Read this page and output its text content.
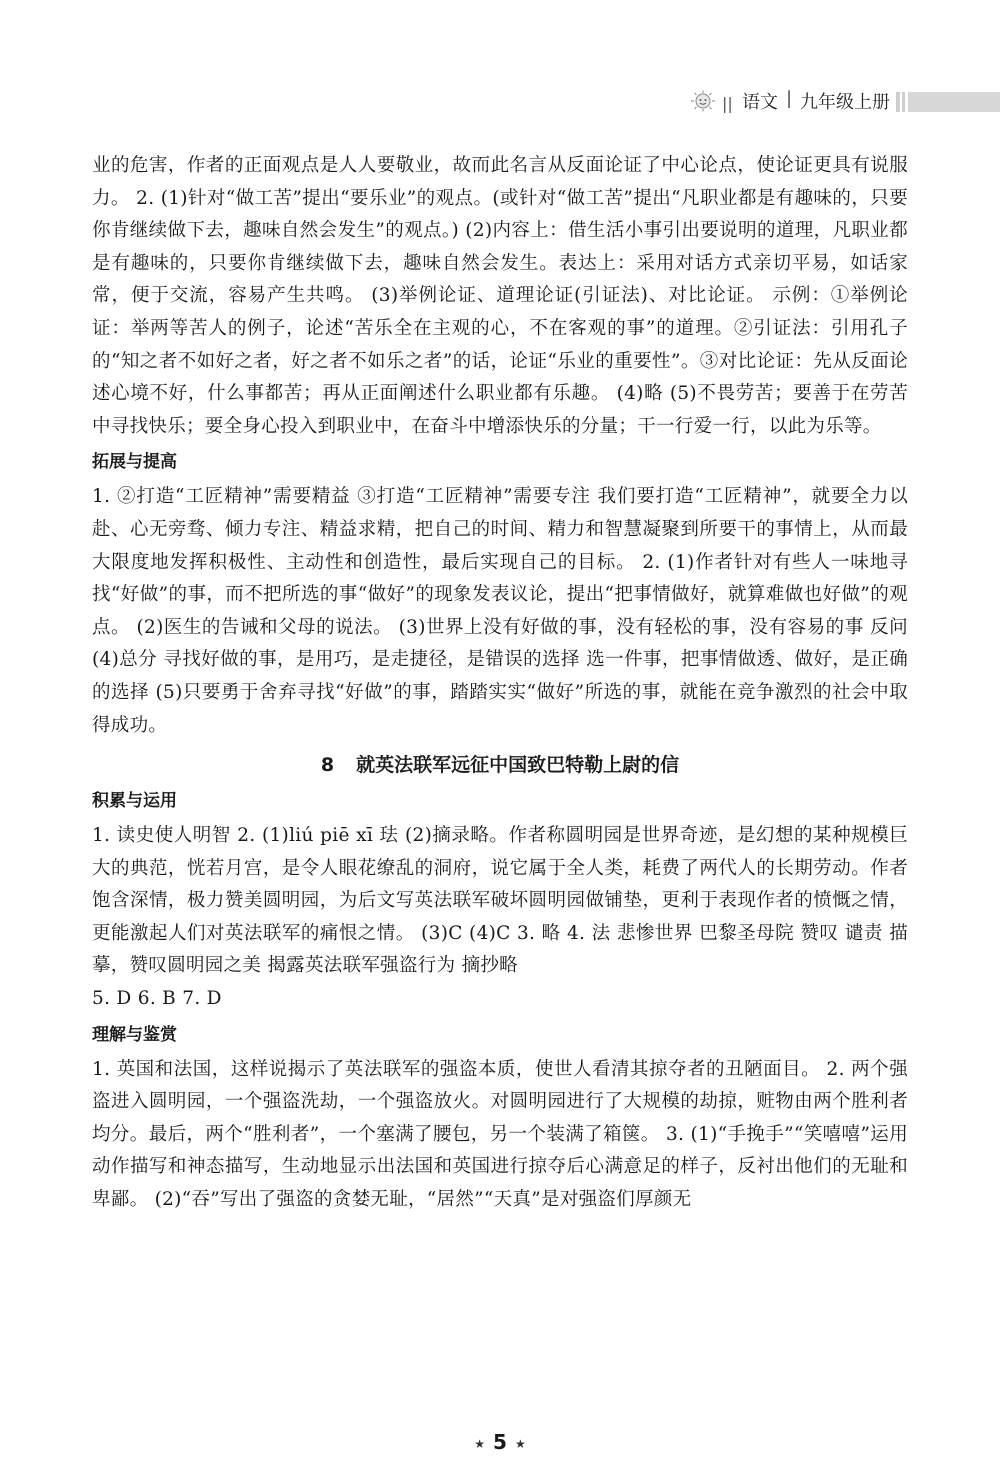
|| 语文 | 九年级上册

业的危害，作者的正面观点是人人要敬业，故而此名言从反面论证了中心论点，使论证更具有说服力。 2. (1)针对“做工苦”提出“要乐业”的观点。(或针对“做工苦”提出“凡职业都是有趣味的，只要你肯继续做下去，趣味自然会发生”的观点。) (2)内容上：借生活小事引出要说明的道理，凡职业都是有趣味的，只要你肯继续做下去，趣味自然会发生。表达上：采用对话方式亲切平易，如话家常，便于交流，容易产生共鸣。 (3)举例论证、道理论证(引证法)、对比论证。 示例：①举例论证：举两等苦人的例子，论述“苦乐全在主观的心，不在客观的事”的道理。②引证法：引用孔子的“知之者不如好之者，好之者不如乐之者”的话，论证“乐业的重要性”。③对比论证：先从反面论述心境不好，什么事都苦；再从正面阐述什么职业都有乐趣。 (4)略 (5)不畏劳苦；要善于在劳苦中寻找快乐；要全身心投入到职业中，在奋斗中增添快乐的分量；干一行爱一行，以此为乐等。

拓展与提高

1. ②打造“工匠精神”需要精益 ③打造“工匠精神”需要专注 我们要打造“工匠精神”，就要全力以赴、心无旁骛、倾力专注、精益求精，把自己的时间、精力和智慧凝聚到所要干的事情上，从而最大限度地发挥积极性、主动性和创造性，最后实现自己的目标。 2. (1)作者针对有些人一味地寻找“好做”的事，而不把所选的事“做好”的现象发表议论，提出“把事情做好，就算难做也好做”的观点。 (2)医生的告诫和父母的说法。 (3)世界上没有好做的事，没有轻松的事，没有容易的事 反问 (4)总分 寻找好做的事，是用巧，是走捷径，是错误的选择 选一件事，把事情做透、做好，是正确的选择 (5)只要勇于舍弃寻找“好做”的事，踏踏实实“做好”所选的事，就能在竞争激烈的社会中取得成功。

8 就英法联军远征中国致巴特勒上尉的信
积累与运用

1. 读史使人明智 2. (1)liú piē xī 珐 (2)摘录略。作者称圆明园是世界奇迹，是幻想的某种规模巨大的典范，恍若月宫，是令人眼花缭乱的洞府，说它属于全人类，耗费了两代人的长期劳动。作者饱含深情，极力赞美圆明园，为后文写英法联军破坏圆明园做铺垫，更利于表现作者的愤慨之情，更能激起人们对英法联军的痛恨之情。 (3)C (4)C 3. 略 4. 法 悲惨世界 巴黎圣母院 赞叹 谴责 描摹，赞叹圆明园之美 揭露英法联军强盗行为 摘抄略

5. D 6. B 7. D

理解与鉴赏

1. 英国和法国，这样说揭示了英法联军的强盗本质，使世人看清其掠夺者的丑陋面目。 2. 两个强盗进入圆明园，一个强盗洗劫，一个强盗放火。对圆明园进行了大规模的劫掠，赃物由两个胜利者均分。最后，两个“胜利者”，一个塞满了腰包，另一个装满了箱箧。 3. (1)“手挽手”“笑嘻嘻”运用动作描写和神态描写，生动地显示出法国和英国进行掠夺后心满意足的样子，反衬出他们的无耻和卑鄙。 (2)“吞”写出了强盗的贪婪无耻，“居然”“天真”是对强盗们厚颜无

★ 5 ★
